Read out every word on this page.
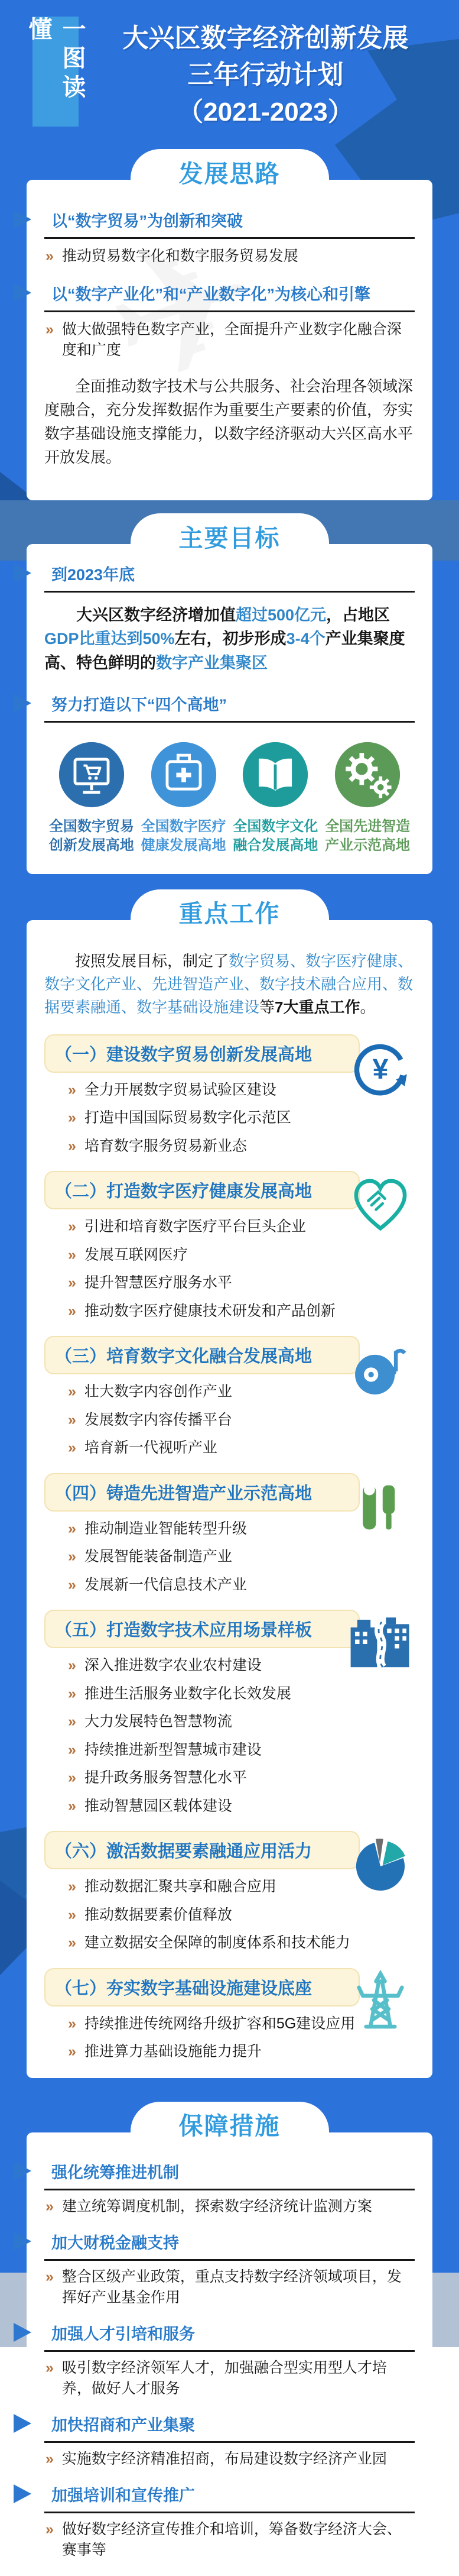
一图读懂	大兴区数字经济创新发展
三年行动计划
（2021-2023）
发展思路
以“数字贸易”为创新和突破
» 推动贸易数字化和数字服务贸易发展
以“数字产业化”和“产业数字化”为核心和引擎
» 做大做强特色数字产业，全面提升产业数字化融合深度和广度

全面推动数字技术与公共服务、社会治理各领域深度融合，充分发挥数据作为重要生产要素的价值，夯实数字基础设施支撑能力，以数字经济驱动大兴区高水平开放发展。

主要目标
到2023年底

大兴区数字经济增加值超过500亿元，占地区GDP比重达到50%左右，初步形成3-4个产业集聚度高、特色鲜明的数字产业集聚区

努力打造以下“四个高地”
全国数字贸易
创新发展高地
全国数字医疗
健康发展高地
全国数字文化
融合发展高地
全国先进智造
产业示范高地
重点工作

按照发展目标，制定了数字贸易、数字医疗健康、数字文化产业、先进智造产业、数字技术融合应用、数据要素融通、数字基础设施建设等7大重点工作。

（一）建设数字贸易创新发展高地	¥
» 全力开展数字贸易试验区建设
» 打造中国国际贸易数字化示范区
» 培育数字服务贸易新业态
（二）打造数字医疗健康发展高地
» 引进和培育数字医疗平台巨头企业
» 发展互联网医疗
» 提升智慧医疗服务水平
» 推动数字医疗健康技术研发和产品创新
（三）培育数字文化融合发展高地
» 壮大数字内容创作产业
» 发展数字内容传播平台
» 培育新一代视听产业
（四）铸造先进智造产业示范高地
» 推动制造业智能转型升级
» 发展智能装备制造产业
» 发展新一代信息技术产业
（五）打造数字技术应用场景样板
» 深入推进数字农业农村建设
» 推进生活服务业数字化长效发展
» 大力发展特色智慧物流
» 持续推进新型智慧城市建设
» 提升政务服务智慧化水平
» 推动智慧园区载体建设
（六）激活数据要素融通应用活力
» 推动数据汇聚共享和融合应用
» 推动数据要素价值释放
» 建立数据安全保障的制度体系和技术能力
（七）夯实数字基础设施建设底座
» 持续推进传统网络升级扩容和5G建设应用
» 推进算力基础设施能力提升
保障措施
强化统筹推进机制
» 建立统筹调度机制，探索数字经济统计监测方案
加大财税金融支持
» 整合区级产业政策，重点支持数字经济领域项目，发挥好产业基金作用
加强人才引培和服务
» 吸引数字经济领军人才，加强融合型实用型人才培养，做好人才服务
加快招商和产业集聚
» 实施数字经济精准招商，布局建设数字经济产业园
加强培训和宣传推广
» 做好数字经济宣传推介和培训，筹备数字经济大会、赛事等
